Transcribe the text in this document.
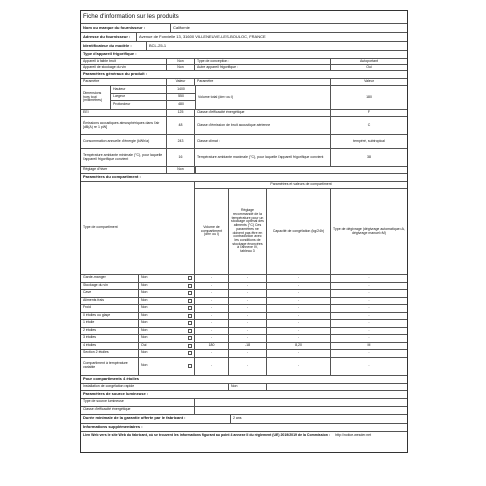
Fiche d'information sur les produits
Nom ou marque du fournisseur :	Californie
Adresse du fournisseur :	Avenue de Fonvielle 13, 31600 VILLENEUVE-LES-BOULOC, FRANCE
Identificateur du modèle :	BCL-25-1
Type d'appareil frigorifique :
Appareil à faible bruit	Non	Type de conception :	Autoportant
Appareil de stockage du vin	Non	Autre appareil frigorifique :	Oui
Paramètres généraux du produit :
Paramètre	Valeur	Paramètre	Valeur
Dimensions hors tout (millimètres)
Hauteur	1400
Largeur	550
Profondeur	480
Volume total (dm³ ou l)	180
EEI	125	Classe d'efficacité énergétique	F
Émissions acoustiques atmosphériques dans l'air [dB(A) re 1 pW]	48	Classe d'émission de bruit acoustique aérienne	C
Consommation annuelle d'énergie (kWh/a)	243	Classe climat :	tempéré, subtropical
Température ambiante minimale (°C), pour laquelle l'appareil frigorifique convient	16	Température ambiante maximale (°C), pour laquelle l'appareil frigorifique convient	38
Réglage d'hiver	Non
Paramètres du compartiment :
Type de compartiment
Paramètres et valeurs de compartiment
Volume de compartiment (dm³ ou l)
Réglage recommandé de la température pour un stockage optimal des aliments (°C) Ces paramètres ne doivent pas être en contradiction avec les conditions de stockage énoncées à l'annexe IV, tableau 3
Capacité de congélation (kg/24h)	Type de dégivrage (dégivrage automatique=A, dégivrage manuel=M)
Garde-manger	Non	-	-	-	-
Stockage du vin	Non	-	-	-	-
Cave	Non	-	-	-	-
Aliments frais	Non	-	-	-	-
Froid	Non	-	-	-	-
0 étoiles ou glaçe	Non	-	-	-	-
1 étoile	Non	-	-	-	-
2 étoiles	Non	-	-	-	-
3 étoiles	Non	-	-	-	-
4 étoiles	Oui	180	-18	8,20	M
Section 2 étoiles	Non	-	-	-	-
Compartiment à température variable	Non	-	-	-	-
Pour compartiments 4 étoiles
Installation de congélation rapide	Non
Paramètres de source lumineuse :
Type de source lumineuse
Classe d'efficacité énergétique
Durée minimale de la garantie offerte par le fabricant :	2 ans
Informations supplémentaires :
Lien Web vers le site Web du fabricant, où se trouvent les informations figurant au point 4 annexe II du règlement (UE) 2019/2019 de la Commission : http://notice.wesder.net
